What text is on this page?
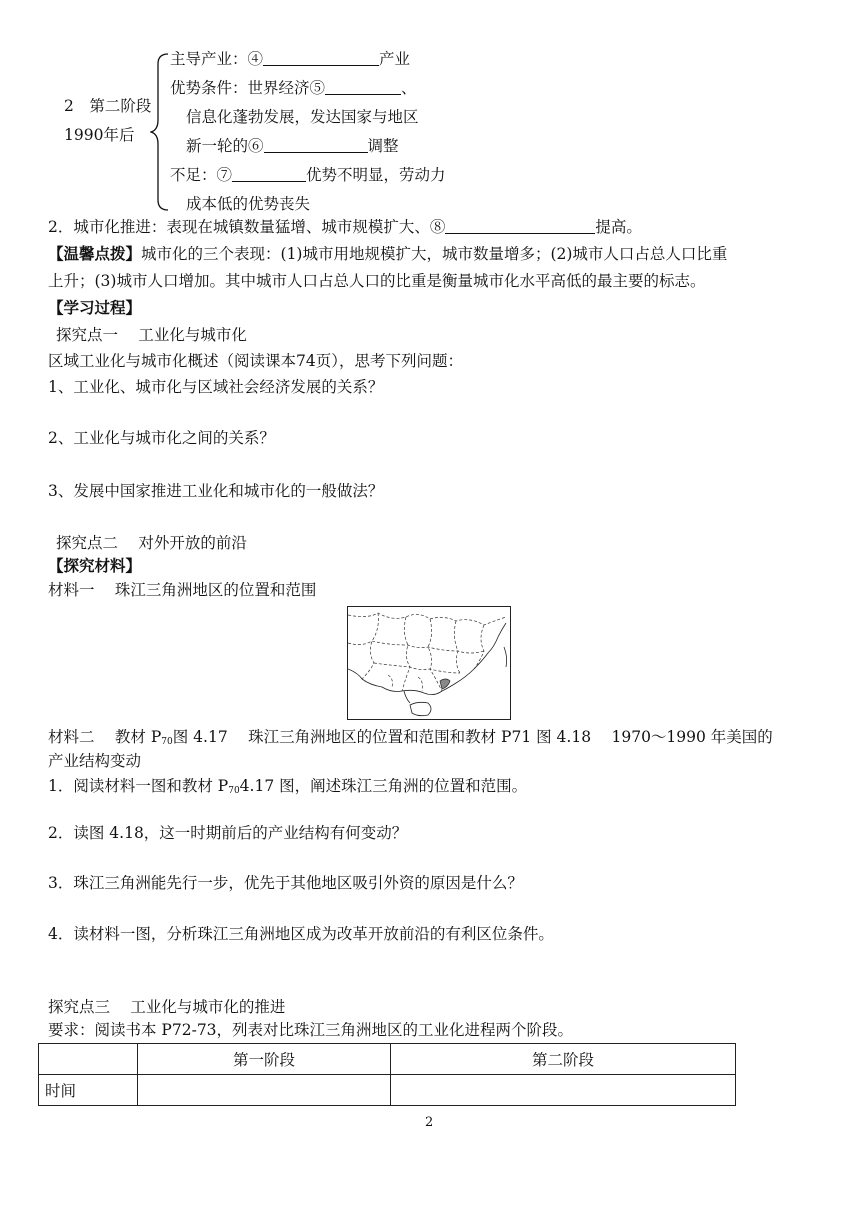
2　第二阶段
1990年后
主导产业：④	产业
优势条件：世界经济⑤	、
信息化蓬勃发展，发达国家与地区
新一轮的⑥	调整
不足：⑦	优势不明显，劳动力
成本低的优势丧失
2．城市化推进：表现在城镇数量猛增、城市规模扩大、⑧	提高。
【温馨点拨】城市化的三个表现：(1)城市用地规模扩大，城市数量增多；(2)城市人口占总人口比重
上升；(3)城市人口增加。其中城市人口占总人口的比重是衡量城市化水平高低的最主要的标志。
【学习过程】
探究点一　 工业化与城市化
区域工业化与城市化概述（阅读课本74页），思考下列问题：
1、工业化、城市化与区域社会经济发展的关系？
2、工业化与城市化之间的关系？
3、发展中国家推进工业化和城市化的一般做法？
探究点二　 对外开放的前沿
【探究材料】
材料一　 珠江三角洲地区的位置和范围
材料二　 教材 $P_{70}$图 4.17　 珠江三角洲地区的位置和范围和教材 P71 图 4.18　 1970～1990 年美国的
产业结构变动
1．阅读材料一图和教材 $P_{70}4.17$ 图，阐述珠江三角洲的位置和范围。
2．读图 4.18，这一时期前后的产业结构有何变动？
3．珠江三角洲能先行一步，优先于其他地区吸引外资的原因是什么？
4．读材料一图，分析珠江三角洲地区成为改革开放前沿的有利区位条件。
探究点三　 工业化与城市化的推进
要求：阅读书本 P72-73，列表对比珠江三角洲地区的工业化进程两个阶段。
	第一阶段	第二阶段
时间		
2
